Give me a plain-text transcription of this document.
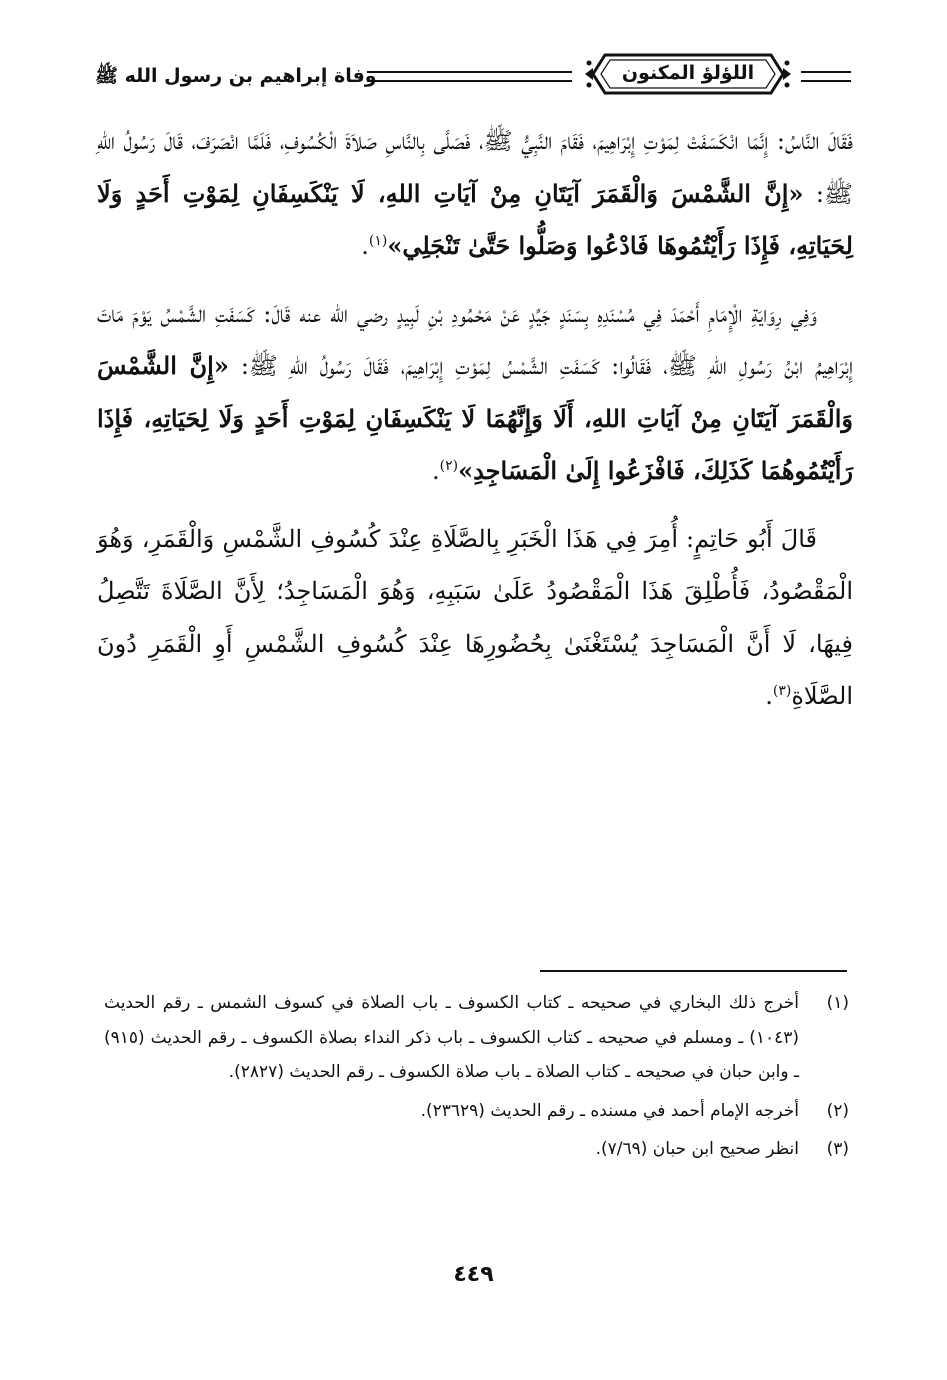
وفاة إبراهيم بن رسول الله ﷺ	اللؤلؤ المكنون

فَقَالَ النَّاسُ: إِنَّمَا انْكَسَفَتْ لِمَوْتِ إِبْرَاهِيمَ، فَقَامَ النَّبِيُّ ﷺ، فَصَلَّى بِالنَّاسِ صَلاَةَ الْكُسُوفِ، فَلَمَّا انْصَرَفَ، قَالَ رَسُولُ اللهِ ﷺ: «إِنَّ الشَّمْسَ وَالْقَمَرَ آيَتَانِ مِنْ آيَاتِ اللهِ، لَا يَنْكَسِفَانِ لِمَوْتِ أَحَدٍ وَلَا لِحَيَاتِهِ، فَإِذَا رَأَيْتُمُوهَا فَادْعُوا وَصَلُّوا حَتَّىٰ تَنْجَلِي»$^{(١)}$.

وَفِي رِوَايَةِ الْإِمَامِ أَحْمَدَ فِي مُسْنَدِهِ بِسَنَدٍ جَيِّدٍ عَنْ مَحْمُودِ بْنِ لَبِيدٍ رضي الله عنه قَالَ: كَسَفَتِ الشَّمْسُ يَوْمَ مَاتَ إِبْرَاهِيمُ ابْنُ رَسُولِ اللهِ ﷺ، فَقَالُوا: كَسَفَتِ الشَّمْسُ لِمَوْتِ إِبْرَاهِيمَ، فَقَالَ رَسُولُ اللهِ ﷺ: «إِنَّ الشَّمْسَ وَالْقَمَرَ آيَتَانِ مِنْ آيَاتِ اللهِ، أَلَا وَإِنَّهُمَا لَا يَنْكَسِفَانِ لِمَوْتِ أَحَدٍ وَلَا لِحَيَاتِهِ، فَإِذَا رَأَيْتُمُوهُمَا كَذَلِكَ، فَافْزَعُوا إِلَىٰ الْمَسَاجِدِ»$^{(٢)}$.

قَالَ أَبُو حَاتِمٍ: أُمِرَ فِي هَذَا الْخَبَرِ بِالصَّلَاةِ عِنْدَ كُسُوفِ الشَّمْسِ وَالْقَمَرِ، وَهُوَ الْمَقْصُودُ، فَأُطْلِقَ هَذَا الْمَقْصُودُ عَلَىٰ سَبَبِهِ، وَهُوَ الْمَسَاجِدُ؛ لِأَنَّ الصَّلَاةَ تَتَّصِلُ فِيهَا، لَا أَنَّ الْمَسَاجِدَ يُسْتَغْنَىٰ بِحُضُورِهَا عِنْدَ كُسُوفِ الشَّمْسِ أَوِ الْقَمَرِ دُونَ الصَّلَاةِ$^{(٣)}$.

(١)
أخرج ذلك البخاري في صحيحه ـ كتاب الكسوف ـ باب الصلاة في كسوف الشمس ـ رقم الحديث (١٠٤٣) ـ ومسلم في صحيحه ـ كتاب الكسوف ـ باب ذكر النداء بصلاة الكسوف ـ رقم الحديث (٩١٥) ـ وابن حبان في صحيحه ـ كتاب الصلاة ـ باب صلاة الكسوف ـ رقم الحديث (٢٨٢٧).
(٢)
أخرجه الإمام أحمد في مسنده ـ رقم الحديث (٢٣٦٢٩).
(٣)
انظر صحيح ابن حبان (٧/٦٩).
٤٤٩
